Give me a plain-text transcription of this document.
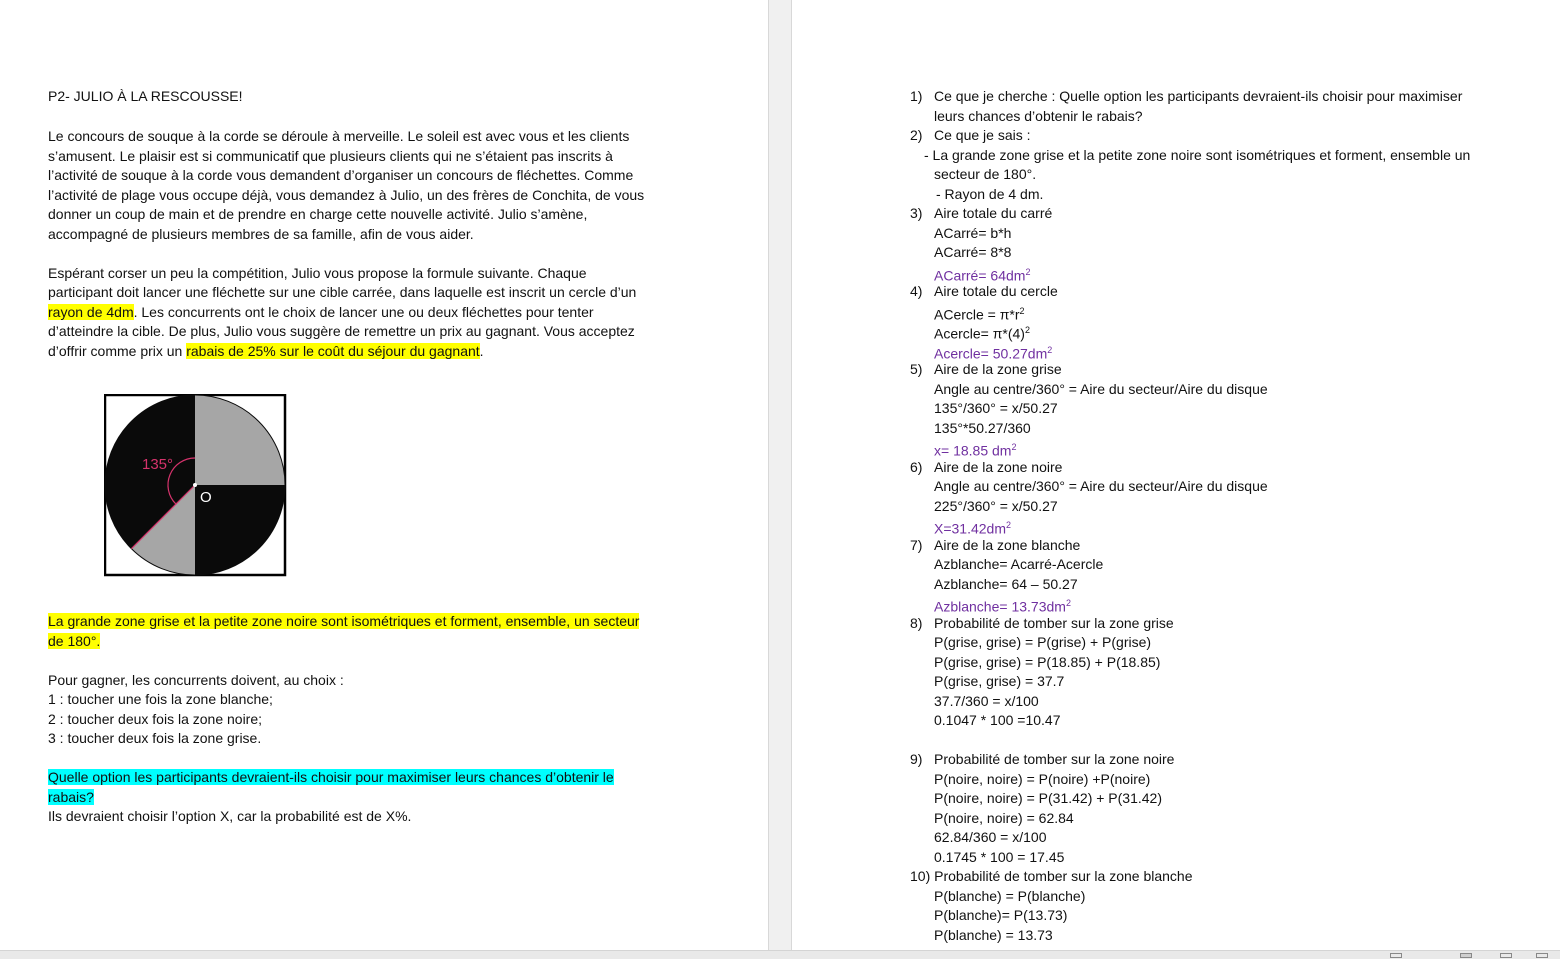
P2- JULIO À LA RESCOUSSE!
Le concours de souque à la corde se déroule à merveille. Le soleil est avec vous et les clients
s’amusent. Le plaisir est si communicatif que plusieurs clients qui ne s’étaient pas inscrits à
l’activité de souque à la corde vous demandent d’organiser un concours de fléchettes. Comme
l’activité de plage vous occupe déjà, vous demandez à Julio, un des frères de Conchita, de vous
donner un coup de main et de prendre en charge cette nouvelle activité. Julio s’amène,
accompagné de plusieurs membres de sa famille, afin de vous aider.
Espérant corser un peu la compétition, Julio vous propose la formule suivante. Chaque
participant doit lancer une fléchette sur une cible carrée, dans laquelle est inscrit un cercle d’un
rayon de 4dm. Les concurrents ont le choix de lancer une ou deux fléchettes pour tenter
d’atteindre la cible. De plus, Julio vous suggère de remettre un prix au gagnant. Vous acceptez
d’offrir comme prix un rabais de 25% sur le coût du séjour du gagnant.
135°
O
La grande zone grise et la petite zone noire sont isométriques et forment, ensemble, un secteur
de 180°.
Pour gagner, les concurrents doivent, au choix :
1 : toucher une fois la zone blanche;
2 : toucher deux fois la zone noire;
3 : toucher deux fois la zone grise.
Quelle option les participants devraient-ils choisir pour maximiser leurs chances d’obtenir le
rabais?
Ils devraient choisir l’option X, car la probabilité est de X%.
1) Ce que je cherche : Quelle option les participants devraient-ils choisir pour maximiser
leurs chances d’obtenir le rabais?
2) Ce que je sais :
- La grande zone grise et la petite zone noire sont isométriques et forment, ensemble un
secteur de 180°.
- Rayon de 4 dm.
3) Aire totale du carré
ACarré= b*h
ACarré= 8*8
ACarré= $64dm^2$
4) Aire totale du cercle
ACercle = $\pi*r^2$
Acercle= $\pi*(4)^2$
Acercle= $50.27dm^2$
5) Aire de la zone grise
Angle au centre/360° = Aire du secteur/Aire du disque
135°/360° = x/50.27
135°*50.27/360
x= 18.85 $dm^2$
6) Aire de la zone noire
Angle au centre/360° = Aire du secteur/Aire du disque
225°/360° = x/50.27
$X=31.42dm^2$
7) Aire de la zone blanche
Azblanche= Acarré-Acercle
Azblanche= 64 – 50.27
Azblanche= $13.73dm^2$
8) Probabilité de tomber sur la zone grise
P(grise, grise) = P(grise) + P(grise)
P(grise, grise) = P(18.85) + P(18.85)
P(grise, grise) = 37.7
37.7/360 = x/100
0.1047 * 100 =10.47
9) Probabilité de tomber sur la zone noire
P(noire, noire) = P(noire) +P(noire)
P(noire, noire) = P(31.42) + P(31.42)
P(noire, noire) = 62.84
62.84/360 = x/100
0.1745 * 100 = 17.45
10) Probabilité de tomber sur la zone blanche
P(blanche) = P(blanche)
P(blanche)= P(13.73)
P(blanche) = 13.73
